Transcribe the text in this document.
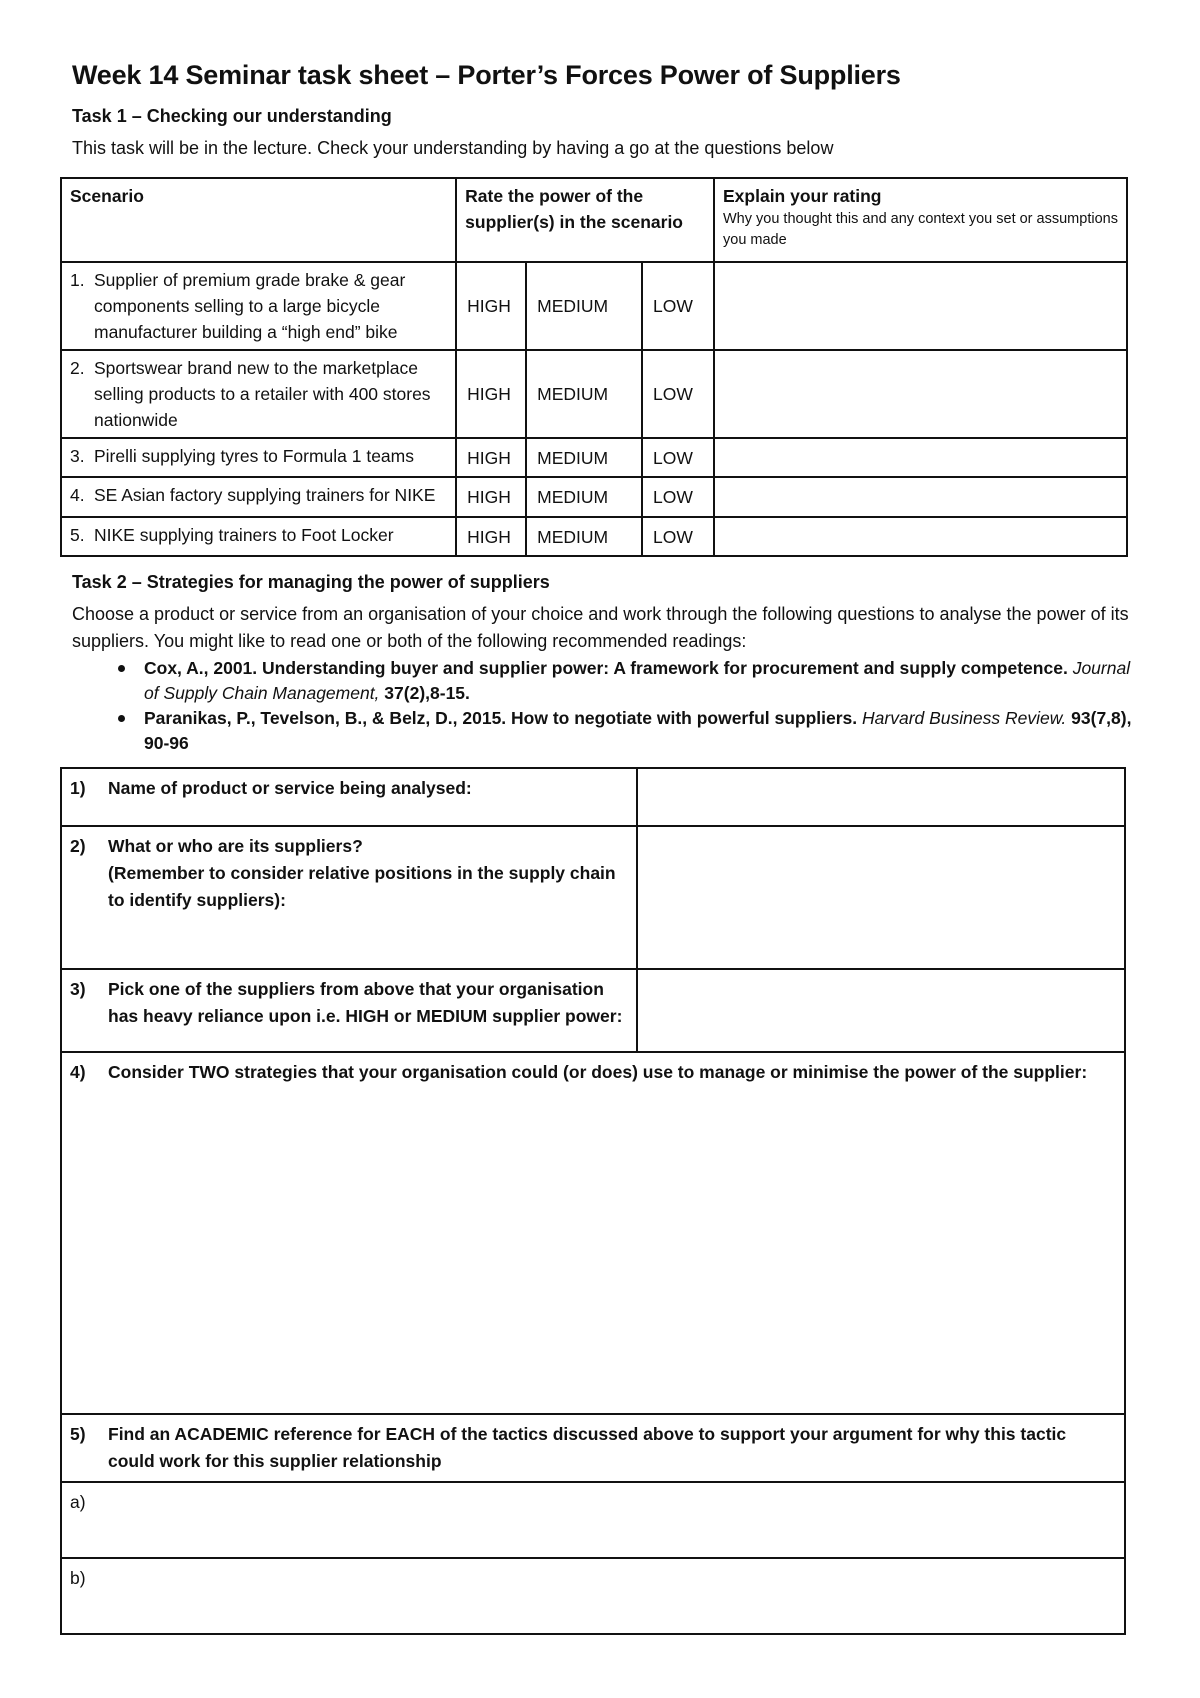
Week 14 Seminar task sheet – Porter’s Forces Power of Suppliers
Task 1 – Checking our understanding
This task will be in the lecture. Check your understanding by having a go at the questions below
Scenario	Rate the power of the supplier(s) in the scenario			Explain your rating
Why you thought this and any context you set or assumptions you made

1. Supplier of premium grade brake & gear components selling to a large bicycle manufacturer building a “high end” bike	HIGH	MEDIUM	LOW	

2. Sportswear brand new to the marketplace selling products to a retailer with 400 stores nationwide	HIGH	MEDIUM	LOW	

3. Pirelli supplying tyres to Formula 1 teams	HIGH	MEDIUM	LOW	

4. SE Asian factory supplying trainers for NIKE	HIGH	MEDIUM	LOW	

5. NIKE supplying trainers to Foot Locker	HIGH	MEDIUM	LOW	
Task 2 – Strategies for managing the power of suppliers
Choose a product or service from an organisation of your choice and work through the following questions to analyse the power of its suppliers. You might like to read one or both of the following recommended readings:
Cox, A., 2001. Understanding buyer and supplier power: A framework for procurement and supply competence. Journal of Supply Chain Management, 37(2),8-15.
Paranikas, P., Tevelson, B., & Belz, D., 2015. How to negotiate with powerful suppliers. Harvard Business Review. 93(7,8), 90-96
1) Name of product or service being analysed:	

2) What or who are its suppliers?
(Remember to consider relative positions in the supply chain to identify suppliers):	

3) Pick one of the suppliers from above that your organisation has heavy reliance upon i.e. HIGH or MEDIUM supplier power:	

4) Consider TWO strategies that your organisation could (or does) use to manage or minimise the power of the supplier:	

5) Find an ACADEMIC reference for EACH of the tactics discussed above to support your argument for why this tactic could work for this supplier relationship	

a)	
b)	
